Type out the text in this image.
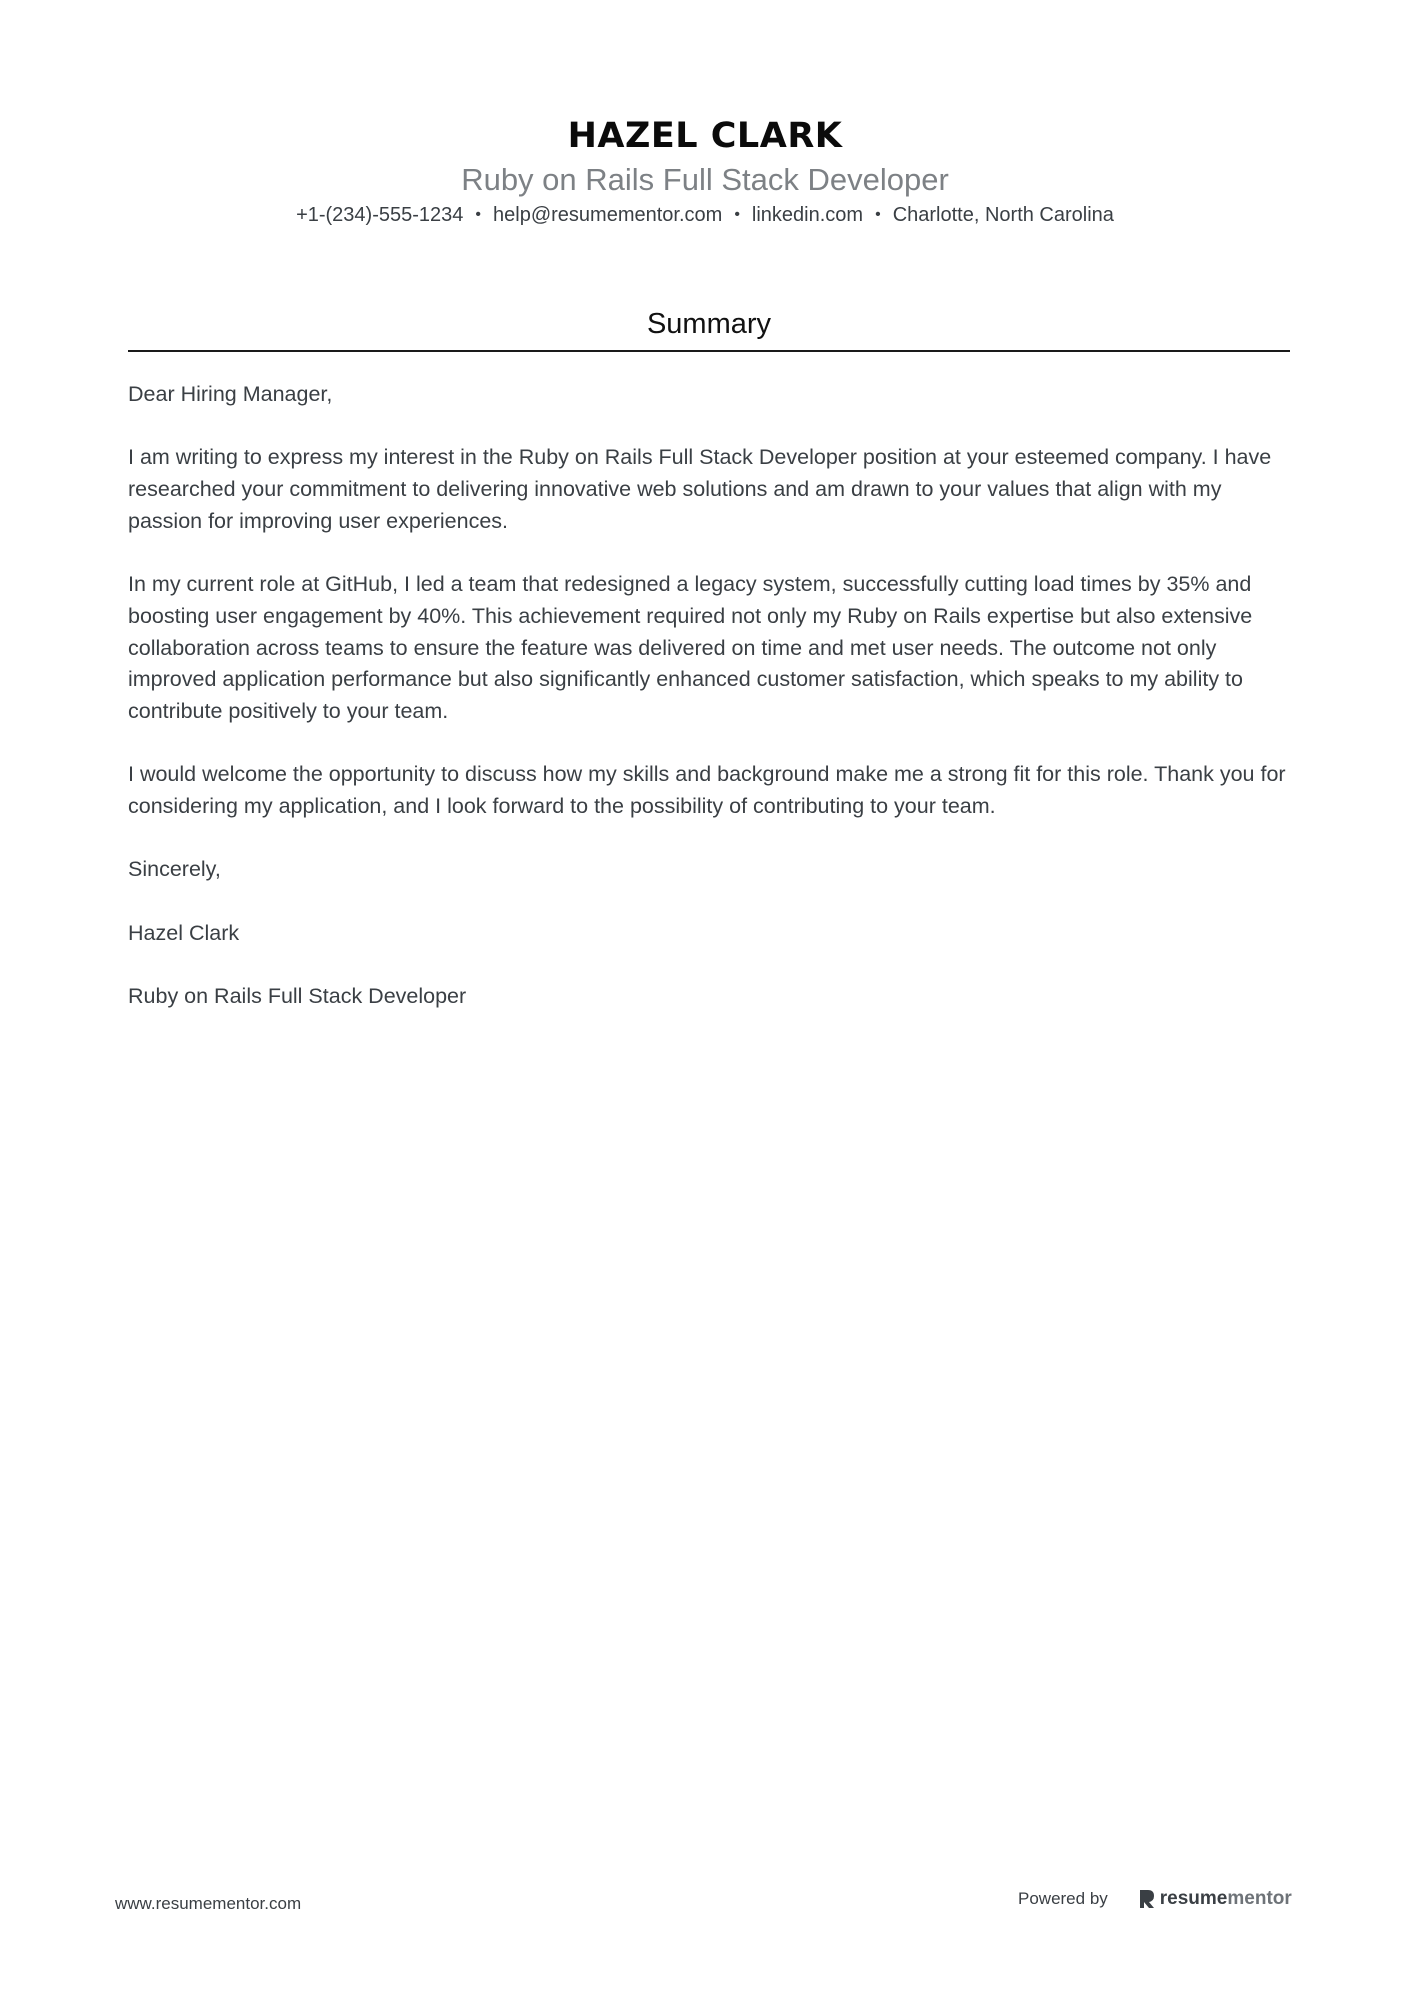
HAZEL CLARK
Ruby on Rails Full Stack Developer
+1-(234)-555-1234 • help@resumementor.com • linkedin.com • Charlotte, North Carolina
Summary

Dear Hiring Manager,

I am writing to express my interest in the Ruby on Rails Full Stack Developer position at your esteemed company. I have researched your commitment to delivering innovative web solutions and am drawn to your values that align with my passion for improving user experiences.

In my current role at GitHub, I led a team that redesigned a legacy system, successfully cutting load times by 35% and boosting user engagement by 40%. This achievement required not only my Ruby on Rails expertise but also extensive collaboration across teams to ensure the feature was delivered on time and met user needs. The outcome not only improved application performance but also significantly enhanced customer satisfaction, which speaks to my ability to contribute positively to your team.

I would welcome the opportunity to discuss how my skills and background make me a strong fit for this role. Thank you for considering my application, and I look forward to the possibility of contributing to your team.

Sincerely,

Hazel Clark

Ruby on Rails Full Stack Developer

www.resumementor.com	Powered by	resumementor
